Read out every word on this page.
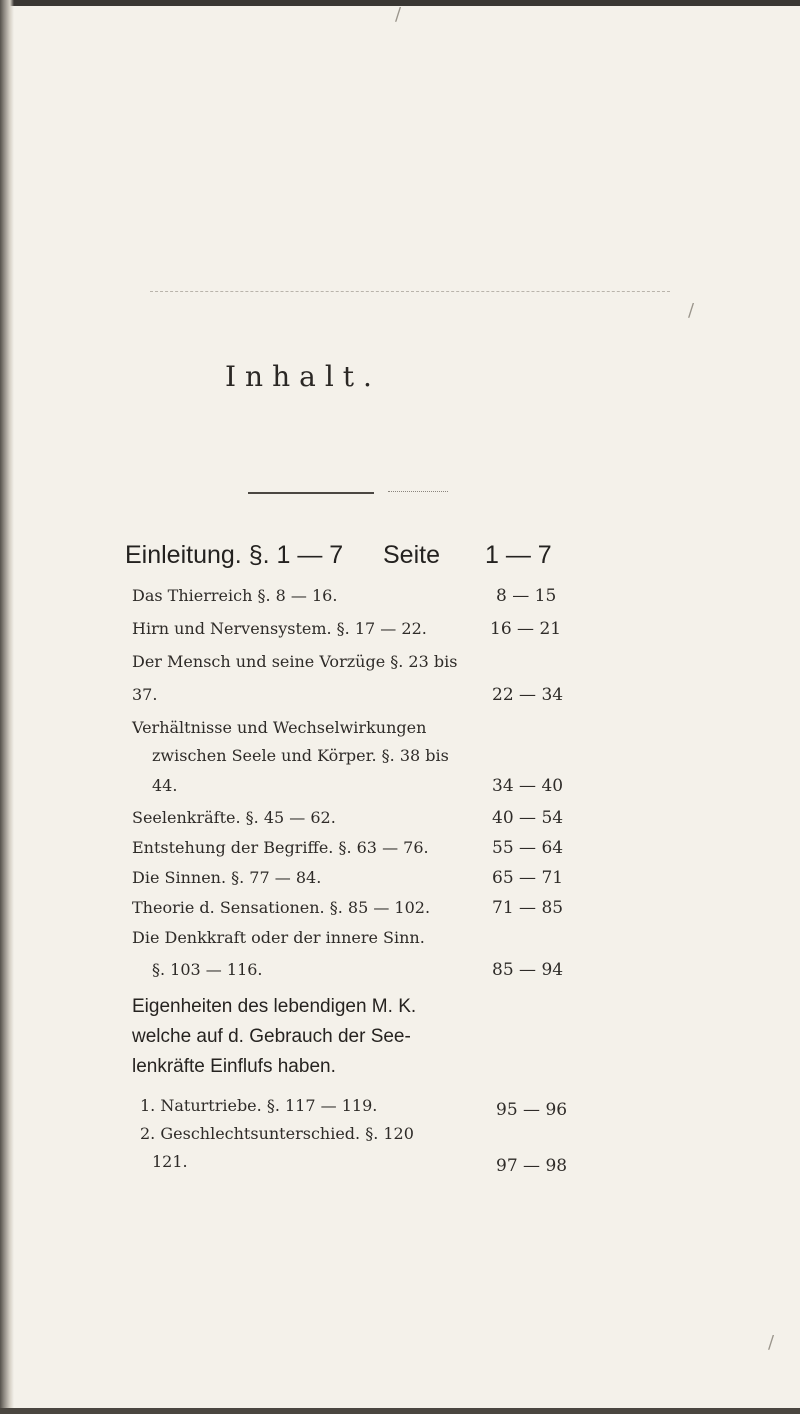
/
/
/
Inhalt.
Einleitung. §. 1 — 7 Seite 1 — 7
Das Thierreich §. 8 — 16.	8 — 15
Hirn und Nervensystem. §. 17 — 22.	16 — 21
Der Mensch und seine Vorzüge §. 23 bis
37.	22 — 34
Verhältnisse und Wechselwirkungen
zwischen Seele und Körper. §. 38 bis
44.	34 — 40
Seelenkräfte. §. 45 — 62.	40 — 54
Entstehung der Begriffe. §. 63 — 76.	55 — 64
Die Sinnen. §. 77 — 84.	65 — 71
Theorie d. Sensationen. §. 85 — 102.	71 — 85
Die Denkkraft oder der innere Sinn.
§. 103 — 116.	85 — 94
Eigenheiten des lebendigen M. K.
welche auf d. Gebrauch der See-
lenkräfte Einflufs haben.
1. Naturtriebe. §. 117 — 119.	95 — 96
2. Geschlechtsunterschied. §. 120
121.	97 — 98
